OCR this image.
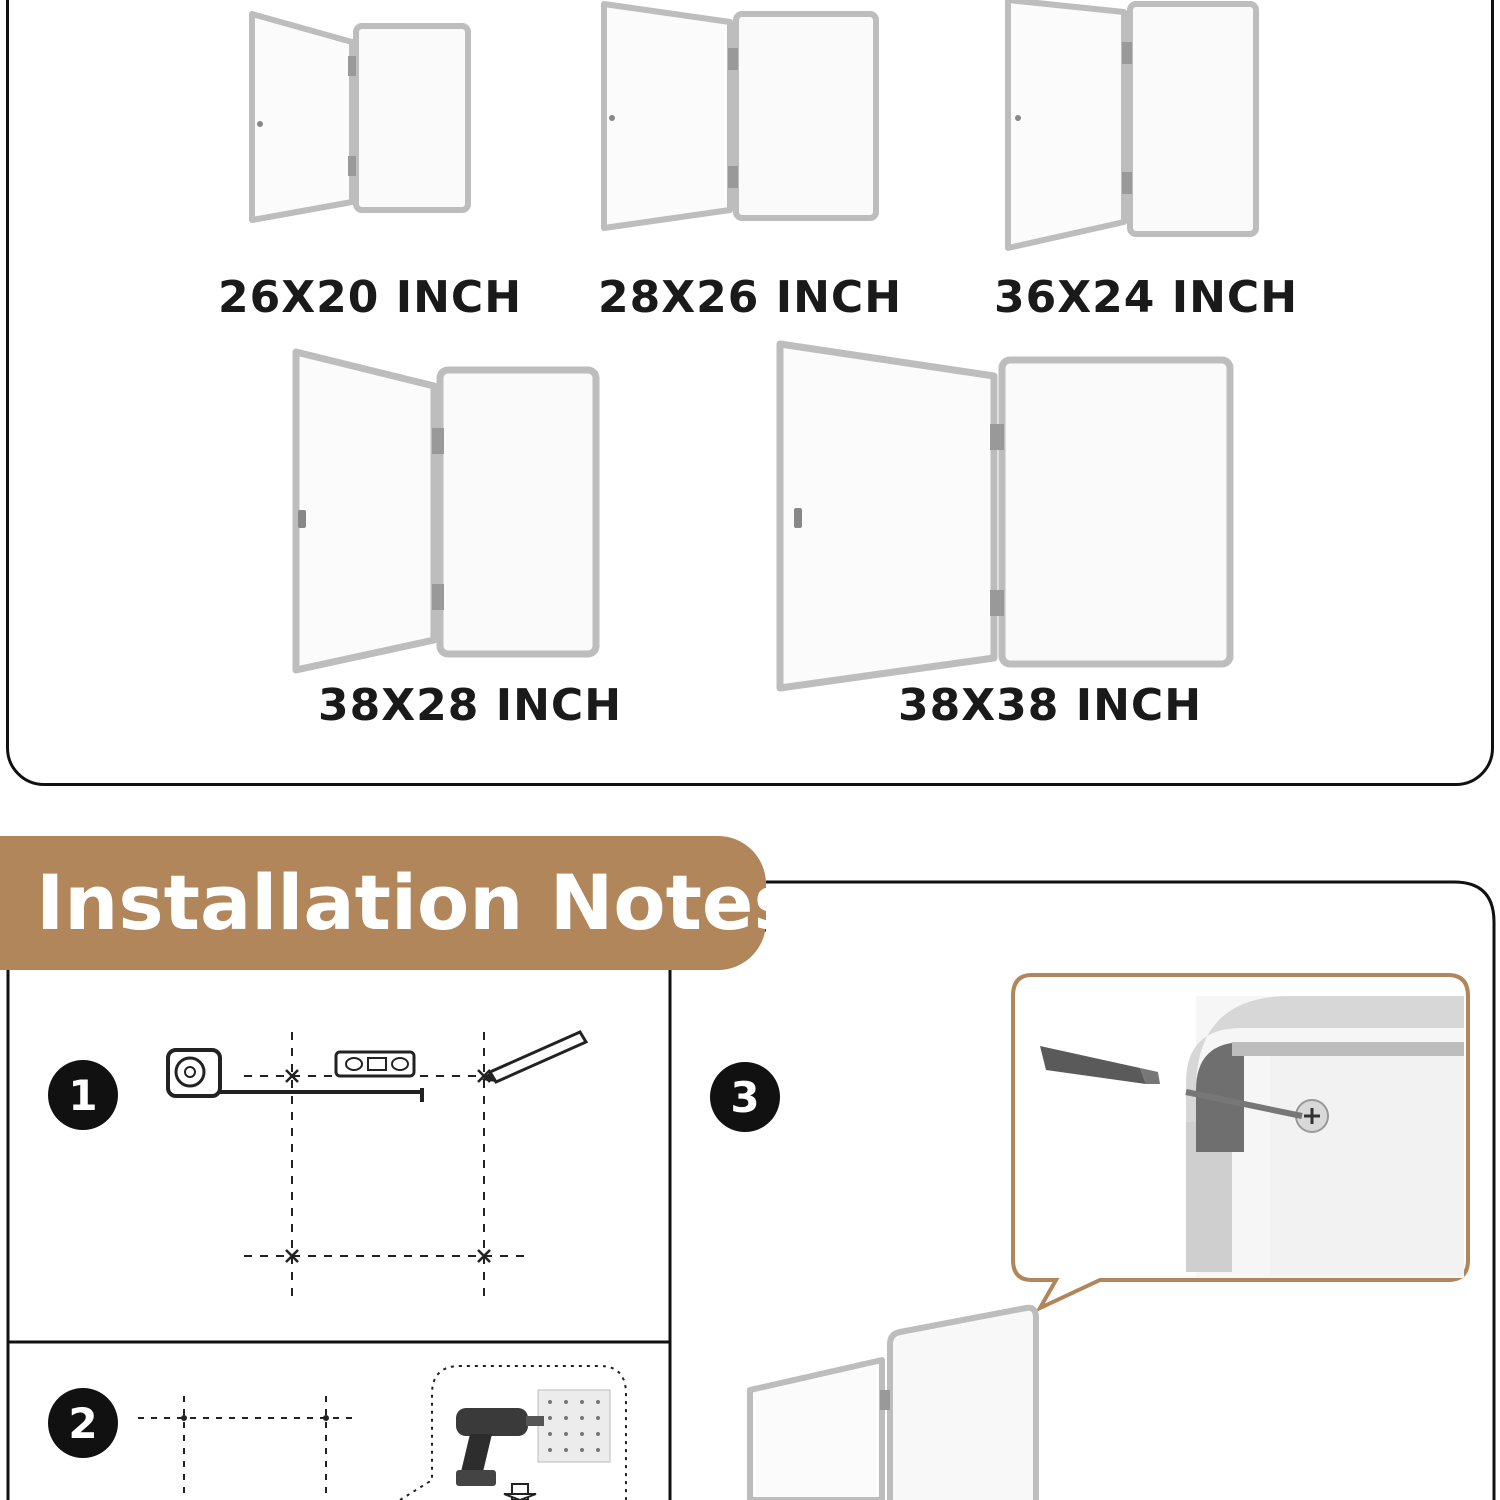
26X20 INCH 28X26 INCH 36X24 INCH
38X28 INCH	38X38 INCH
Installation Notes
1
2
3
